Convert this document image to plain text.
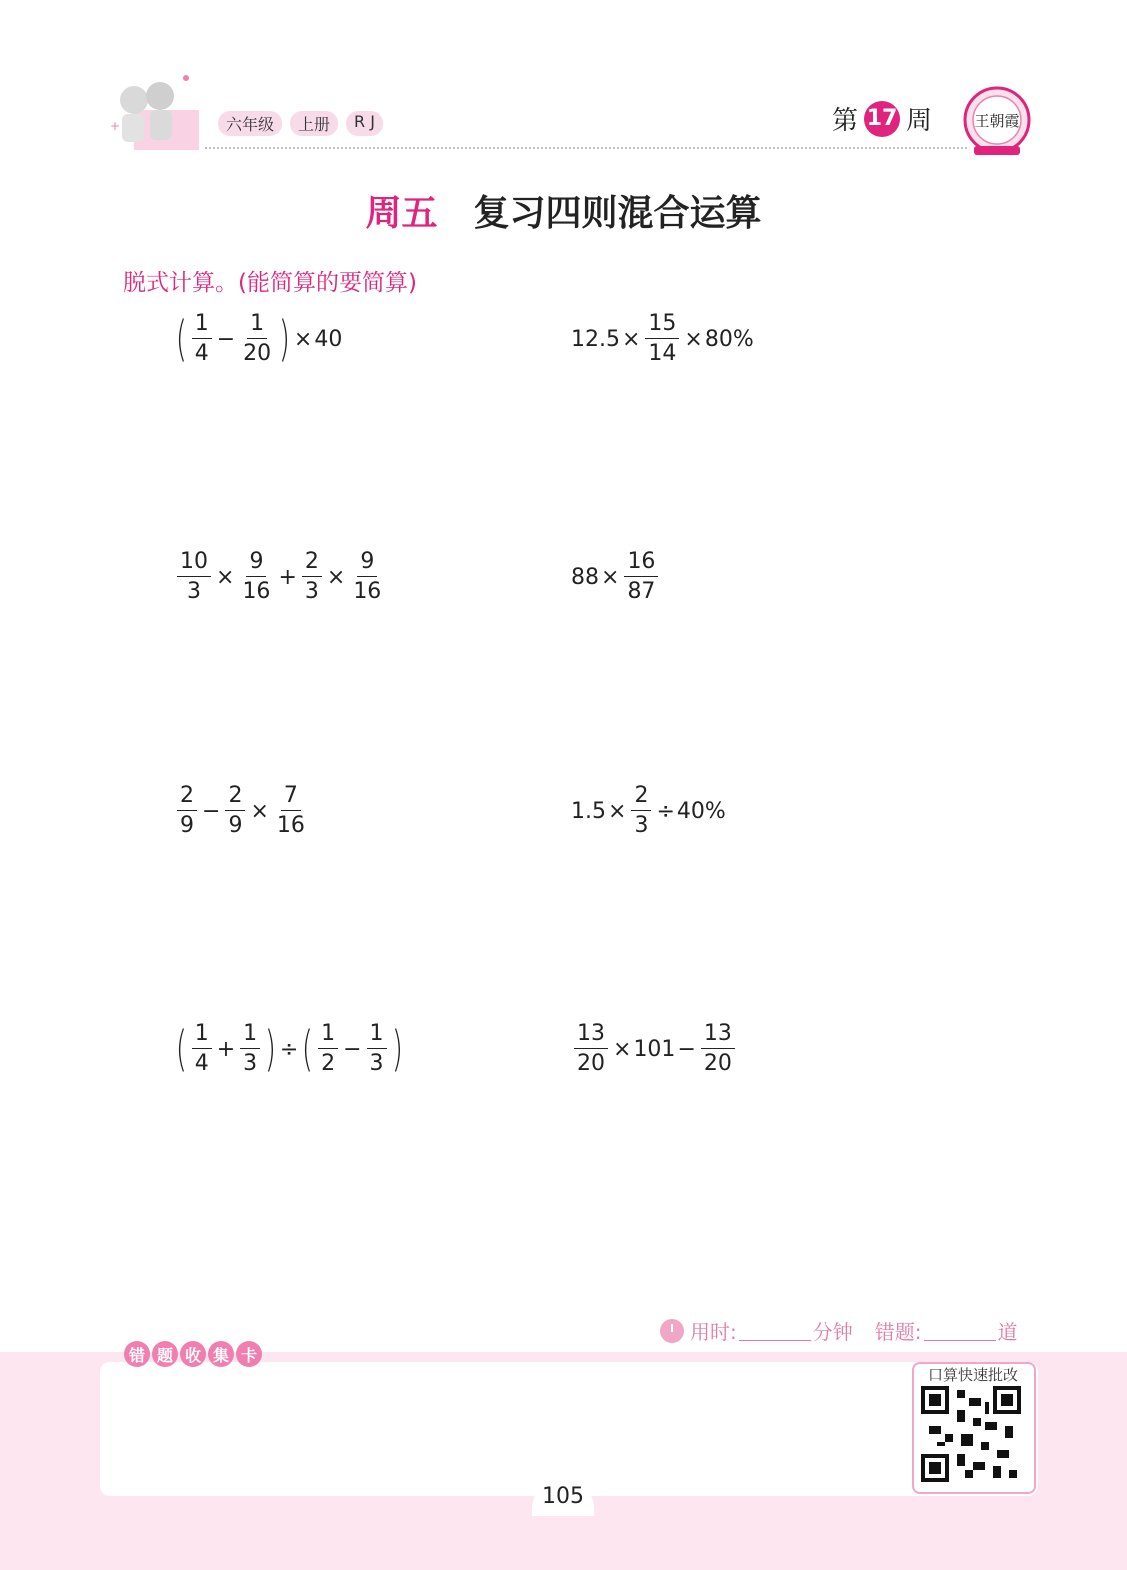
+	六年级	上册	R J	第 17 周	王朝霞
周五 复习四则混合运算
脱式计算。(能简算的要简算)
( $\frac{1}{4} - \frac{1}{20}$ ) × 40	$12.5 \times \frac{15}{14} \times 80\%$
$\frac{10}{3} \times \frac{9}{16} + \frac{2}{3} \times \frac{9}{16}$	$88 \times \frac{16}{87}$
$\frac{2}{9} - \frac{2}{9} \times \frac{7}{16}$	$1.5 \times \frac{2}{3} \div 40\%$
( $\frac{1}{4} + \frac{1}{3}$ ) ÷ ( $\frac{1}{2} - \frac{1}{3}$ )	$\frac{13}{20} \times 101 - \frac{13}{20}$
用时:	分钟 错题:	道
错 题 收 集 卡
口算快速批改
105
